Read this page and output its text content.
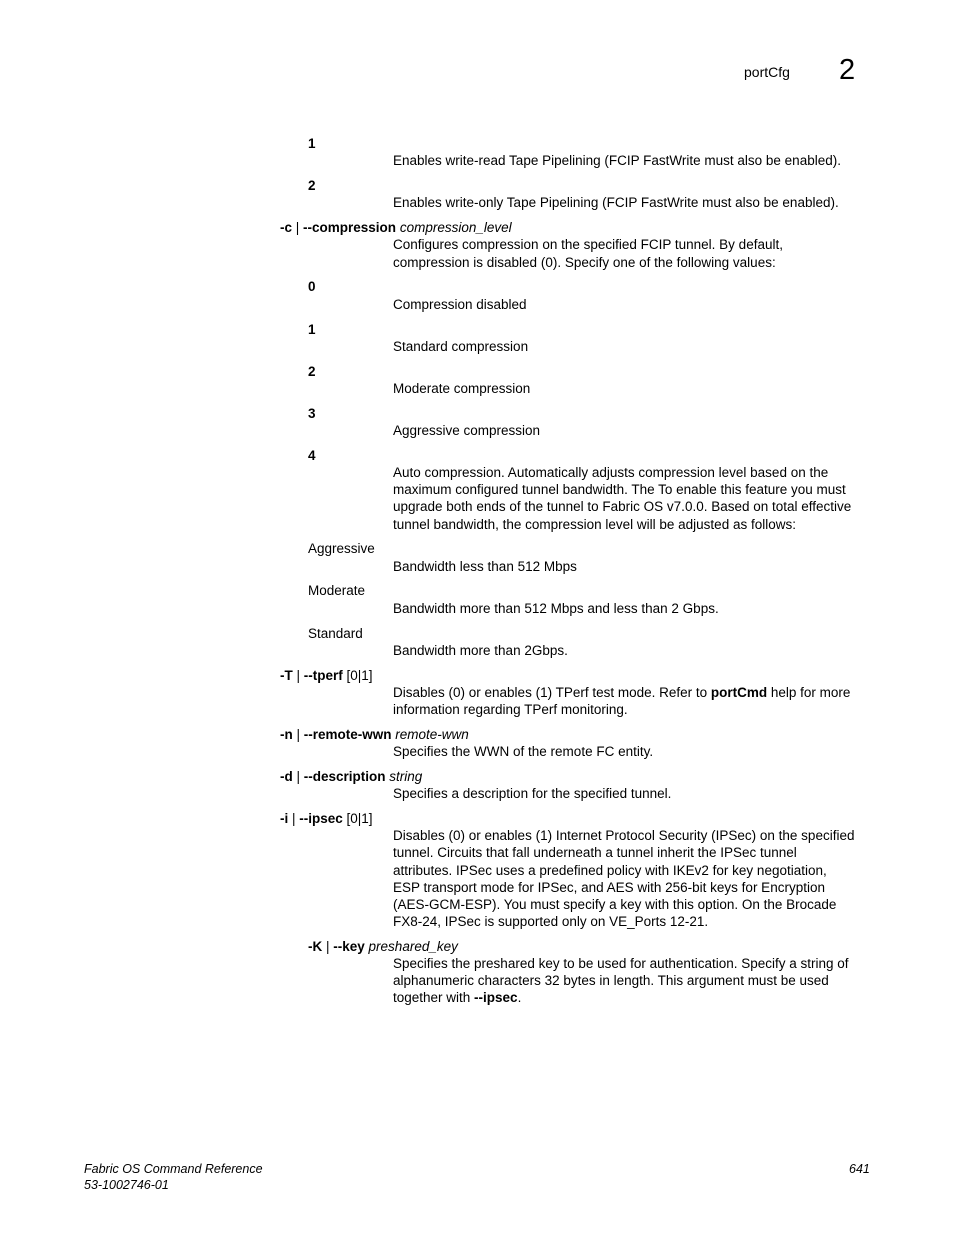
portCfg 2
1
Enables write-read Tape Pipelining (FCIP FastWrite must also be enabled).
2
Enables write-only Tape Pipelining (FCIP FastWrite must also be enabled).
-c | --compression compression_level
Configures compression on the specified FCIP tunnel. By default,
compression is disabled (0). Specify one of the following values:
0
Compression disabled
1
Standard compression
2
Moderate compression
3
Aggressive compression
4
Auto compression. Automatically adjusts compression level based on the
maximum configured tunnel bandwidth. The To enable this feature you must
upgrade both ends of the tunnel to Fabric OS v7.0.0. Based on total effective
tunnel bandwidth, the compression level will be adjusted as follows:
Aggressive
Bandwidth less than 512 Mbps
Moderate
Bandwidth more than 512 Mbps and less than 2 Gbps.
Standard
Bandwidth more than 2Gbps.
-T | --tperf [0|1]
Disables (0) or enables (1) TPerf test mode. Refer to portCmd help for more
information regarding TPerf monitoring.
-n | --remote-wwn remote-wwn
Specifies the WWN of the remote FC entity.
-d | --description string
Specifies a description for the specified tunnel.
-i | --ipsec [0|1]
Disables (0) or enables (1) Internet Protocol Security (IPSec) on the specified
tunnel. Circuits that fall underneath a tunnel inherit the IPSec tunnel
attributes. IPSec uses a predefined policy with IKEv2 for key negotiation,
ESP transport mode for IPSec, and AES with 256-bit keys for Encryption
(AES-GCM-ESP). You must specify a key with this option. On the Brocade
FX8-24, IPSec is supported only on VE_Ports 12-21.
-K | --key preshared_key
Specifies the preshared key to be used for authentication. Specify a string of
alphanumeric characters 32 bytes in length. This argument must be used
together with --ipsec.
Fabric OS Command Reference
53-1002746-01
641
